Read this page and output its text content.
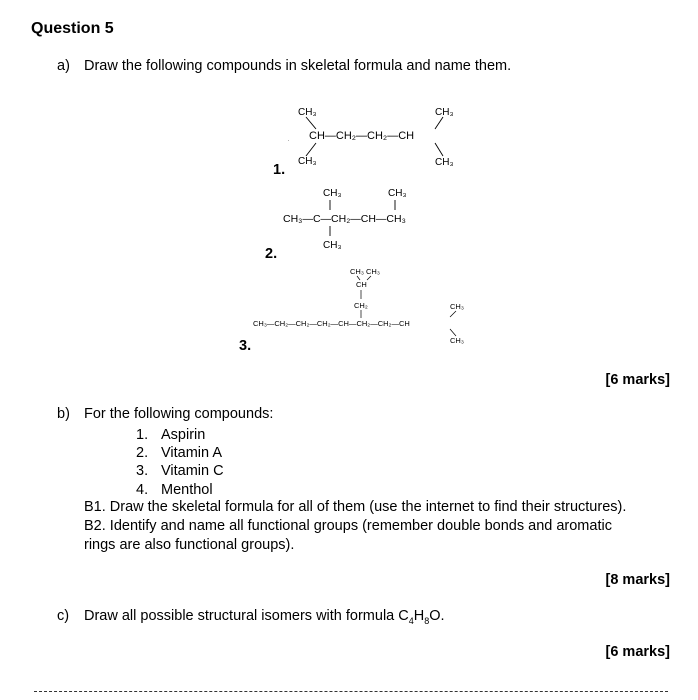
Question 5
a) Draw the following compounds in skeletal formula and name them.
CH₃	CH₃
. CH—CH₂—CH₂—CH
CH₃	CH₃
1.
CH₃	CH₃
CH₃—C—CH₂—CH—CH₃
CH₃
2.
CH₃ CH₃
CH
CH₂	CH₃
CH₃—CH₂—CH₂—CH₂—CH—CH₂—CH₂—CH
CH₃
3.
[6 marks]
b) For the following compounds:
1. Aspirin
2. Vitamin A
3. Vitamin C
4. Menthol
B1. Draw the skeletal formula for all of them (use the internet to find their structures).
B2. Identify and name all functional groups (remember double bonds and aromatic
rings are also functional groups).
[8 marks]
c) Draw all possible structural isomers with formula $C_4H_8O$.
[6 marks]
